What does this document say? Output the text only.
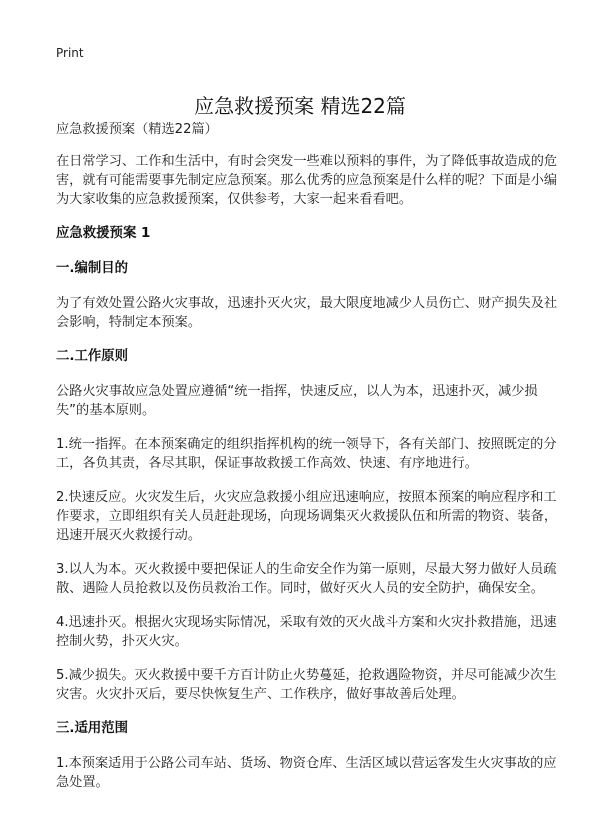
Print
应急救援预案 精选22篇

应急救援预案（精选22篇）

在日常学习、工作和生活中，有时会突发一些难以预料的事件，为了降低事故造成的危害，就有可能需要事先制定应急预案。那么优秀的应急预案是什么样的呢？下面是小编为大家收集的应急救援预案，仅供参考，大家一起来看看吧。

应急救援预案 1

一.编制目的

为了有效处置公路火灾事故，迅速扑灭火灾，最大限度地减少人员伤亡、财产损失及社会影响，特制定本预案。

二.工作原则

公路火灾事故应急处置应遵循“统一指挥，快速反应，以人为本，迅速扑灭，减少损失”的基本原则。

1.统一指挥。在本预案确定的组织指挥机构的统一领导下，各有关部门、按照既定的分工，各负其责，各尽其职，保证事故救援工作高效、快速、有序地进行。

2.快速反应。火灾发生后，火灾应急救援小组应迅速响应，按照本预案的响应程序和工作要求，立即组织有关人员赶赴现场，向现场调集灭火救援队伍和所需的物资、装备，迅速开展灭火救援行动。

3.以人为本。灭火救援中要把保证人的生命安全作为第一原则，尽最大努力做好人员疏散、遇险人员抢救以及伤员救治工作。同时，做好灭火人员的安全防护，确保安全。

4.迅速扑灭。根据火灾现场实际情况，采取有效的灭火战斗方案和火灾扑救措施，迅速控制火势，扑灭火灾。

5.减少损失。灭火救援中要千方百计防止火势蔓延，抢救遇险物资，并尽可能减少次生灾害。火灾扑灭后，要尽快恢复生产、工作秩序，做好事故善后处理。

三.适用范围

1.本预案适用于公路公司车站、货场、物资仓库、生活区域以营运客发生火灾事故的应急处置。
